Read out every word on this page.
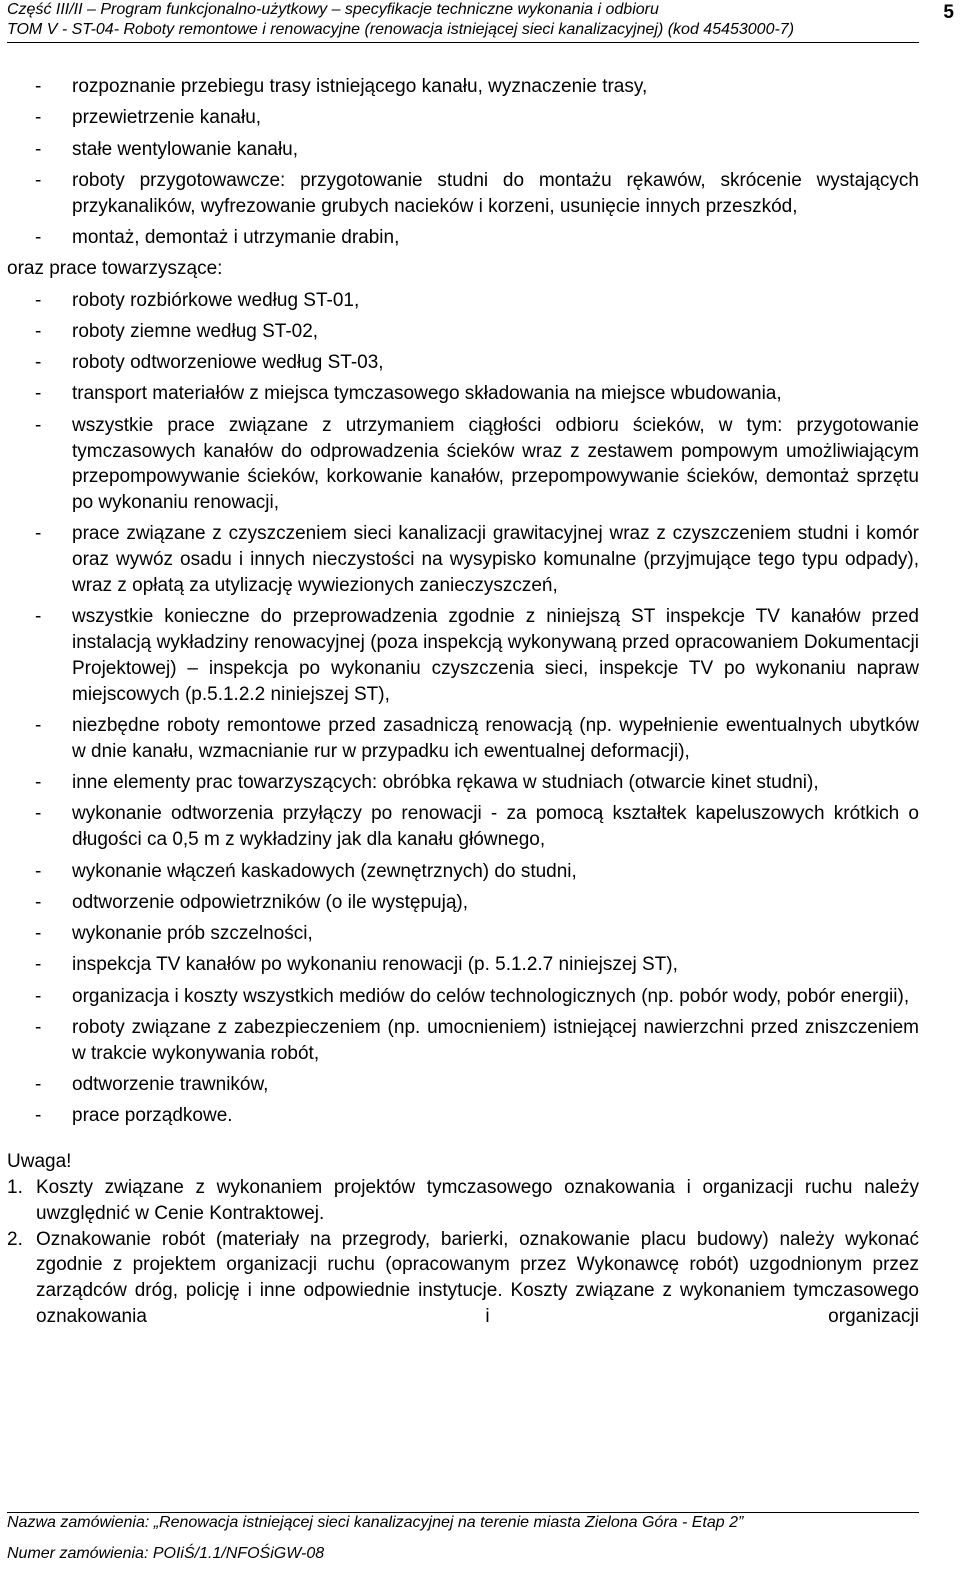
Część III/II – Program funkcjonalno-użytkowy – specyfikacje techniczne wykonania i odbioru
TOM V - ST-04- Roboty remontowe i renowacyjne (renowacja istniejącej sieci kanalizacyjnej) (kod 45453000-7)
5
- rozpoznanie przebiegu trasy istniejącego kanału, wyznaczenie trasy,
- przewietrzenie kanału,
- stałe wentylowanie kanału,
- roboty przygotowawcze: przygotowanie studni do montażu rękawów, skrócenie wystających przykanalików, wyfrezowanie grubych nacieków i korzeni, usunięcie innych przeszkód,
- montaż, demontaż i utrzymanie drabin,
oraz prace towarzyszące:
- roboty rozbiórkowe według ST-01,
- roboty ziemne według ST-02,
- roboty odtworzeniowe według ST-03,
- transport materiałów z miejsca tymczasowego składowania na miejsce wbudowania,
- wszystkie prace związane z utrzymaniem ciągłości odbioru ścieków, w tym: przygotowanie tymczasowych kanałów do odprowadzenia ścieków wraz z zestawem pompowym umożliwiającym przepompowywanie ścieków, korkowanie kanałów, przepompowywanie ścieków, demontaż sprzętu po wykonaniu renowacji,
- prace związane z czyszczeniem sieci kanalizacji grawitacyjnej wraz z czyszczeniem studni i komór oraz wywóz osadu i innych nieczystości na wysypisko komunalne (przyjmujące tego typu odpady), wraz z opłatą za utylizację wywiezionych zanieczyszczeń,
- wszystkie konieczne do przeprowadzenia zgodnie z niniejszą ST inspekcje TV kanałów przed instalacją wykładziny renowacyjnej (poza inspekcją wykonywaną przed opracowaniem Dokumentacji Projektowej) – inspekcja po wykonaniu czyszczenia sieci, inspekcje TV po wykonaniu napraw miejscowych (p.5.1.2.2 niniejszej ST),
- niezbędne roboty remontowe przed zasadniczą renowacją (np. wypełnienie ewentualnych ubytków w dnie kanału, wzmacnianie rur w przypadku ich ewentualnej deformacji),
- inne elementy prac towarzyszących: obróbka rękawa w studniach (otwarcie kinet studni),
- wykonanie odtworzenia przyłączy po renowacji - za pomocą kształtek kapeluszowych krótkich o długości ca 0,5 m z wykładziny jak dla kanału głównego,
- wykonanie włączeń kaskadowych (zewnętrznych) do studni,
- odtworzenie odpowietrzników (o ile występują),
- wykonanie prób szczelności,
- inspekcja TV kanałów po wykonaniu renowacji (p. 5.1.2.7 niniejszej ST),
- organizacja i koszty wszystkich mediów do celów technologicznych (np. pobór wody, pobór energii),
- roboty związane z zabezpieczeniem (np. umocnieniem) istniejącej nawierzchni przed zniszczeniem w trakcie wykonywania robót,
- odtworzenie trawników,
- prace porządkowe.
Uwaga!
1. Koszty związane z wykonaniem projektów tymczasowego oznakowania i organizacji ruchu należy uwzględnić w Cenie Kontraktowej.
2. Oznakowanie robót (materiały na przegrody, barierki, oznakowanie placu budowy) należy wykonać zgodnie z projektem organizacji ruchu (opracowanym przez Wykonawcę robót) uzgodnionym przez zarządców dróg, policję i inne odpowiednie instytucje. Koszty związane z wykonaniem tymczasowego oznakowania i organizacji
Nazwa zamówienia: „Renowacja istniejącej sieci kanalizacyjnej na terenie miasta Zielona Góra - Etap 2”
Numer zamówienia: POIiŚ/1.1/NFOŚiGW-08
